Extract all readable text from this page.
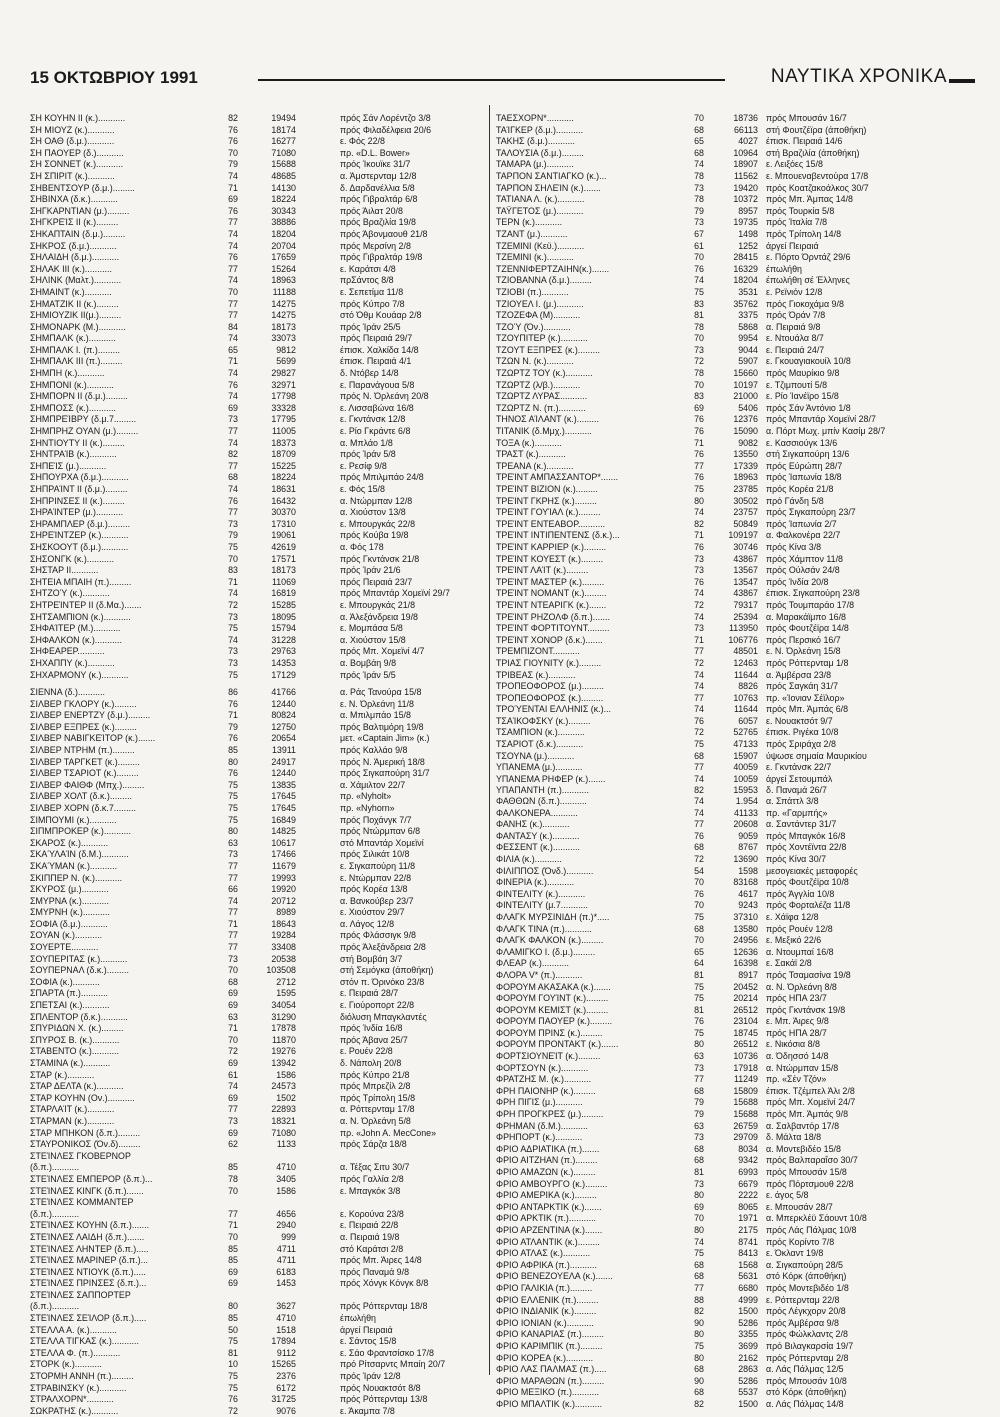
15 ΟΚΤΩΒΡΙΟΥ 1991	ΝΑΥΤΙΚΑ ΧΡΟΝΙΚΑ
ΣΗ ΚΟΥΗΝ ΙΙ (κ.)...........	82	19494	πρός Σάν Λορέντζο 3/8
ΣΗ ΜΙΟΥΖ (κ.)...........	76	18174	πρός Φιλαδέλφεια 20/6
ΣΗ ΟΑΘ (δ.μ.)...........	76	16277	ε. Φός 22/8
ΣΗ ΠΑΟΥΕΡ (δ.)...........	70	71080	πρ. «D.L. Bower»
ΣΗ ΣΟΝΝΕΤ (κ.)...........	79	15688	πρός Ίκουϊκε 31/7
ΣΗ ΣΠΙΡΙΤ (κ.)...........	74	48685	α. Άμστερνταμ 12/8
ΣΗΒΕΝΤΣΟΥΡ (δ.μ.).........	71	14130	δ. Δαρδανέλλια 5/8
ΣΗΒΙΝΧΑ (δ.κ.)...........	69	18224	πρός Γιβραλτάρ 6/8
ΣΗΓΚΑΡΝΤΙΑΝ (μ.).........	76	30343	πρός Άιλατ 20/8
ΣΗΓΚΡΕΊΣ ΙΙ (κ.).........	77	38886	πρός Βραζιλία 19/8
ΣΗΚΑΠΤΑΙΝ (δ.μ.).........	74	18204	πρός Άβονμαουθ 21/8
ΣΗΚΡΟΣ (δ.μ.)...........	74	20704	πρός Μερσίνη 2/8
ΣΗΛΑΙΔΗ (δ.μ.)...........	76	17659	πρός Γιβραλτάρ 19/8
ΣΗΛΑΚ ΙΙΙ (κ.)...........	77	15264	ε. Καράτσι 4/8
ΣΗΛΙΝΚ (Μαλτ.)...........	74	18963	πρΣάντος 8/8
ΣΗΜΑΙΝΤ (κ.)...........	70	11188	ε. Σεπετίμα 11/8
ΣΗΜΑΤΖΙΚ ΙΙ (κ.).........	77	14275	πρός Κύπρο 7/8
ΣΗΜΙΟΥΖΙΚ ΙΙ(μ.).........	77	14275	στό Όθμ Κουάαρ 2/8
ΣΗΜΟΝΑΡΚ (Μ.)...........	84	18173	πρός Ίράν 25/5
ΣΗΜΠΑΛΚ (κ.)...........	74	33073	πρός Πειραιά 29/7
ΣΗΜΠΑΛΚ Ι. (π.).........	65	9812	έπισκ. Χαλκίδα 14/8
ΣΗΜΠΑΛΚ ΙΙΙ (π.).........	71	5699	έπισκ. Πειραιά 4/1
ΣΗΜΠΗ (κ.)...........	74	29827	δ. Ντόβερ 14/8
ΣΗΜΠΟΝΙ (κ.)...........	76	32971	ε. Παρανάγουα 5/8
ΣΗΜΠΟΡΝ ΙΙ (δ.μ.).........	74	17798	πρός Ν. Όρλεάνη 20/8
ΣΗΜΠΟΣΣ (κ.)...........	69	33328	ε. Λισσαβώνα 16/8
ΣΗΜΠΡΕΊΒΡΥ (δ.μ.7.........	73	17795	ε. Γκντάνσκ 12/8
ΣΗΜΠΡΗΖ ΟΥΑΝ (μ.).........	77	11005	ε. Ρίο Γκράντε 6/8
ΣΗΝΤΙΟΥΤΥ ΙΙ (κ.).........	74	18373	α. Μπλάο 1/8
ΣΗΝΤΡΑΊΒ (κ.)...........	82	18709	πρός Ίράν 5/8
ΣΗΠΕΊΣ (μ.)...........	77	15225	ε. Ρεσίφ 9/8
ΣΗΠΟΥΡΧΑ (δ.μ.)...........	68	18224	πρός Μπιλμπάο 24/8
ΣΗΠΡΑΊΝΤ ΙΙ (δ.μ.).........	74	18631	ε. Φός 15/8
ΣΗΠΡΙΝΣΕΣ ΙΙ (κ.).........	76	16432	α. Ντώρμπαν 12/8
ΣΗΡΑΊΝΤΕΡ (μ.)...........	77	30370	α. Χιούστον 13/8
ΣΗΡΑΜΠΛΕΡ (δ.μ.).........	73	17310	ε. Μπουργκάς 22/8
ΣΗΡΕΊΝΤΖΕΡ (κ.)...........	79	19061	πρός Κούβα 19/8
ΣΗΣΚΟΟΥΤ (δ.μ.)...........	75	42619	α. Φός 178
ΣΗΣΟΝΓΚ (κ.)...........	70	17571	πρός Γκντάνσκ 21/8
ΣΗΣΤΑΡ ΙΙ...........	83	18173	πρός Ίράν 21/6
ΣΗΤΕΙΑ ΜΠΑΙΗ (π.).........	71	11069	πρός Πειραιά 23/7
ΣΗΤΖΟΎ (κ.)...........	74	16819	πρός Μπαντάρ Χομεϊνί 29/7
ΣΗΤΡΕΊΝΤΕΡ ΙΙ (δ.Μα.).......	72	15285	ε. Μπουργκάς 21/8
ΣΗΤΣΑΜΠΙΟΝ (κ.)...........	73	18095	α. Άλεξάνδρεια 19/8
ΣΗΦΑΊΤΕΡ (Μ.)...........	75	15794	ε. Μομπάσα 5/8
ΣΗΦΑΛΚΟΝ (κ.)...........	74	31228	α. Χιούστον 15/8
ΣΗΦΕΑΡΕΡ...........	73	29763	πρός Μπ. Χομεϊνί 4/7
ΣΗΧΑΠΠΥ (κ.)...........	73	14353	α. Βομβάη 9/8
ΣΗΧΑΡΜΟΝΥ (κ.)...........	75	17129	πρός Ίράν 5/5
ΣΙΕΝΝΑ (δ.)...........	86	41766	α. Ράς Τανούρα 15/8
ΣΙΛΒΕΡ ΓΚΛΟΡΥ (κ.).........	76	12440	ε. Ν. Όρλεάνη 11/8
ΣΙΛΒΕΡ ΕΝΕΡΤΖΥ (δ.μ.).........	71	80824	α. Μπιλμπάο 15/8
ΣΙΛΒΕΡ ΕΞΠΡΕΣ (κ.).........	79	12750	πρός Βαλτιμόρη 19/8
ΣΙΛΒΕΡ ΝΑΒΙΓΚΕΊΤΟΡ (κ.).......	76	20654	μετ. «Captain Jim» (κ.)
ΣΙΛΒΕΡ ΝΤΡΗΜ (π.).........	85	13911	πρός Καλλάο 9/8
ΣΙΛΒΕΡ ΤΑΡΓΚΕΤ (κ.).........	80	24917	πρός Ν. Άμερική 18/8
ΣΙΛΒΕΡ ΤΣΑΡΙΟΤ (κ.).........	76	12440	πρός Σιγκαπούρη 31/7
ΣΙΛΒΕΡ ΦΑΙΘΦ (Μπχ.).........	75	13835	α. Χάμιλτον 22/7
ΣΙΛΒΕΡ ΧΟΛΤ (δ.κ.).........	75	17645	πρ. «Nyholt»
ΣΙΛΒΕΡ ΧΟΡΝ (δ.κ.7.........	75	17645	πρ. «Nyhorn»
ΣΙΜΠΟΥΜΙ (κ.)...........	75	16849	πρός Ποχάνγκ 7/7
ΣΙΠΜΠΡΟΚΕΡ (κ.)...........	80	14825	πρός Ντώρμπαν 6/8
ΣΚΑΡΟΣ (κ.)...........	63	10617	στό Μπαντάρ Χομεϊνί
ΣΚΑΎΛΑΊΝ (δ.Μ.)...........	73	17466	πρός Σιλικάτ 10/8
ΣΚΑΎΜΑΝ (κ.)...........	77	11679	ε. Σιγκαπούρη 11/8
ΣΚΙΠΠΕΡ Ν. (κ.)...........	77	19993	ε. Ντώρμπαν 22/8
ΣΚΥΡΟΣ (μ.)...........	66	19920	πρός Κορέα 13/8
ΣΜΥΡΝΑ (κ.)...........	74	20712	α. Βανκούβερ 23/7
ΣΜΥΡΝΗ (κ.)...........	77	8989	ε. Χιούστον 29/7
ΣΟΦΙΑ (δ.μ.)...........	71	18643	α. Λάγος 12/8
ΣΟΥΑΝ (κ.)...........	77	19284	πρός Φλάσσιγκ 9/8
ΣΟΥΕΡΤΕ...........	77	33408	πρός Άλεξάνδρεια 2/8
ΣΟΥΠΕΡΙΤΑΣ (κ.)...........	73	20538	στή Βομβάη 3/7
ΣΟΥΠΕΡΝΑΛ (δ.κ.).........	70	103508	στή Σεμόγκα (άποθήκη)
ΣΟΦΙΑ (κ.)...........	68	2712	στόν π. Όρινόκο 23/8
ΣΠΑΡΤΑ (π.)...........	69	1595	ε. Πειραιά 28/7
ΣΠΕΤΣΑΙ (κ.)...........	69	34054	ε. Γιούροπορτ 22/8
ΣΠΛΕΝΤΟΡ (δ.κ.)...........	63	31290	διόλυση Μπαγκλαντές
ΣΠΥΡΙΔΩΝ Χ. (κ.).........	71	17878	πρός Ίνδία 16/8
ΣΠΥΡΟΣ Β. (κ.)...........	70	11870	πρός Άβανα 25/7
ΣΤΑΒΕΝΤΟ (κ.)...........	72	19276	ε. Ρουέν 22/8
ΣΤΑΜΙΝΑ (κ.)...........	69	13942	δ. Νάπολη 20/8
ΣΤΑΡ (κ.)...........	61	1586	πρός Κύπρο 21/8
ΣΤΑΡ ΔΕΛΤΑ (κ.)...........	74	24573	πρός Μπρεζίλ 2/8
ΣΤΑΡ ΚΟΥΗΝ (Ον.)...........	69	1502	πρός Τρίπολη 15/8
ΣΤΑΡΛΑΊΤ (κ.)...........	77	22893	α. Ρόττερνταμ 17/8
ΣΤΑΡΜΑΝ (κ.)...........	73	18321	α. Ν. Όρλεάνη 5/8
ΣΤΑΡ ΜΠΗΚΟΝ (δ.π.).........	69	71080	πρ. «John A. MecCone»
ΣΤΑΥΡΟΝΙΚΟΣ (Όν.δ).........	62	1133	πρός Σάρζα 18/8
ΣΤΕΊΝΛΕΣ ΓΚΟΒΕΡΝΟΡ
(δ.π.)...........	85	4710	α. Τέξας Σιτυ 30/7
ΣΤΕΊΝΛΕΣ ΕΜΠΕΡΟΡ (δ.π.)...	78	3405	πρός Γαλλία 2/8
ΣΤΕΊΝΛΕΣ ΚΙΝΓΚ (δ.π.).......	70	1586	ε. Μπαγκόκ 3/8
ΣΤΕΊΝΛΕΣ ΚΟΜΜΑΝΤΕΡ
(δ.π.)...........	77	4656	ε. Κορούνα 23/8
ΣΤΕΊΝΛΕΣ ΚΟΥΗΝ (δ.π.).......	71	2940	ε. Πειραιά 22/8
ΣΤΕΊΝΛΕΣ ΛΑΙΔΗ (δ.π.).......	70	999	α. Πειραιά 19/8
ΣΤΕΊΝΛΕΣ ΛΗΝΤΕΡ (δ.π.).....	85	4711	στό Καράτσι 2/8
ΣΤΕΊΝΛΕΣ ΜΑΡΙΝΕΡ (δ.π.)...	85	4711	πρός Μπ. Άιρες 14/8
ΣΤΕΊΝΛΕΣ ΝΤΙΟΥΚ (δ.π.).....	69	6183	πρός Παναμά 9/8
ΣΤΕΊΝΛΕΣ ΠΡΙΝΣΕΣ (δ.π.)...	69	1453	πρός Χόνγκ Κόνγκ 8/8
ΣΤΕΊΝΛΕΣ ΣΑΠΠΟΡΤΕΡ
(δ.π.)...........	80	3627	πρός Ρόττερνταμ 18/8
ΣΤΕΊΝΛΕΣ ΣΕΊΛΟΡ (δ.π.).....	85	4710	έπωλήθη
ΣΤΕΛΛΑ Α. (κ.)...........	50	1518	άργεί Πειραιά
ΣΤΕΛΛΑ ΤΙΓΚΑΣ (κ.)...........	75	17894	ε. Σάντος 15/8
ΣΤΕΛΛΑ Φ. (π.)...........	81	9112	ε. Σάο Φραντσίσκο 17/8
ΣΤΟΡΚ (κ.)...........	10	15265	πρό Ρίτσαρντς Μπαίη 20/7
ΣΤΟΡΜΗ ΑΝΝΗ (π.).........	75	2376	πρός Ίράν 12/8
ΣΤΡΑΒΙΝΣΚΥ (κ.)...........	75	6172	πρός Νουακτσότ 8/8
ΣΤΡΑΛΧΟΡΝ*...........	76	31725	πρός Ρόττερνταμ 13/8
ΣΩΚΡΑΤΗΣ (κ.)...........	72	9076	ε. Άκαμπα 7/8
ΤΑΕΣΧΟΡΝ*...........	70	18736 πρός Μπουσάν 16/7
ΤΑΊΓΚΕΡ (δ.μ.)...........	68	66113 στή Φουτζέϊρα (άποθήκη)
ΤΑΚΗΣ (δ.μ.)...........	65	4027 έπισκ. Πειραιά 14/6
ΤΑΛΟΥΣΙΑ (δ.μ.).........	68	10964 στή Βραζιλία (άποθήκη)
ΤΑΜΑΡΑ (μ.)...........	74	18907 ε. Λειξόες 15/8
ΤΑΡΠΟΝ ΣΑΝΤΙΑΓΚΟ (κ.)...	78	11562 ε. Μπουεναβεντούρα 17/8
ΤΑΡΠΟΝ ΣΗΛΕΊΝ (κ.).......	73	19420 πρός Κοατζακοάλκος 30/7
ΤΑΤΙΑΝΑ Λ. (κ.)...........	78	10372 πρός Μπ. Άμπας 14/8
ΤΑΫΓΕΤΟΣ (μ.)...........	79	8957 πρός Τουρκία 5/8
ΤΕΡΝ (κ.)...........	73	19735 πρός Ίταλία 7/8
ΤΖΑΝΤ (μ.)...........	67	1498 πρός Τρίπολη 14/8
ΤΖΕΜΙΝΙ (Κεϋ.)...........	61	1252 άργεί Πειραιά
ΤΖΕΜΙΝΙ (κ.)...........	70	28415 ε. Πόρτο Όρντάζ 29/6
ΤΖΕΝΝΙΦΕΡΤΖΑΙΗΝ(κ.).......	76	16329 έπωλήθη
ΤΖΙΟΒΑΝΝΑ (δ.μ.).........	74	18204 έπωλήθη σέ Έλληνες
ΤΖΙΟΒΙ (π.)...........	75	3531 ε. Ρεϊνιόν 12/8
ΤΖΙΟΥΕΛ Ι. (μ.)...........	83	35762 πρός Γιοκοχάμα 9/8
ΤΖΟΖΕΦΑ (Μ)...........	81	3375 πρός Όράν 7/8
ΤΖΟΎ (Όν.)...........	78	5868 α. Πειραιά 9/8
ΤΖΟΥΠΙΤΕΡ (κ.)...........	70	9954 ε. Ντουάλα 8/7
ΤΖΟΥΤ ΕΞΠΡΕΣ (κ.).........	73	9044 ε. Πειραιά 24/7
ΤΖΩΝ Ν. (κ.)...........	72	5907 ε. Γκουαγιακουίλ 10/8
ΤΖΩΡΤΖ ΤΟΥ (κ.)...........	78	15660 πρός Μαυρίκιο 9/8
ΤΖΩΡΤΖ (λ/β.)...........	70	10197 ε. Τζιμπουτί 5/8
ΤΖΩΡΤΖ ΛΥΡΑΣ...........	83	21000 ε. Ρίο Ίανέϊρο 15/8
ΤΖΩΡΤΖ Ν. (π.)...........	69	5406 πρός Σάν Άντόνιο 1/8
ΤΗΝΟΣ ΑΊΛΑΝΤ (κ.).........	76	12376 πρός Μπαντάρ Χομεϊνί 28/7
ΤΙΤΑΝΙΚ (δ.Μμχ.)...........	76	15090 α. Πόρτ Μωχ. μπίν Κασίμ 28/7
ΤΟΞΑ (κ.)...........	71	9082 ε. Κασσιούγκ 13/6
ΤΡΑΣΤ (κ.)...........	76	13550 στή Σιγκαπούρη 13/6
ΤΡΕΑΝΑ (κ.)...........	77	17339 πρός Εύρώπη 28/7
ΤΡΕΊΝΤ ΑΜΠΑΣΣΑΝΤΟΡ*.......	76	18963 πρός Ίαπωνία 18/8
ΤΡΕΊΝΤ ΒΙΖΙΟΝ (κ.).........	75	23785 πρός Κορέα 21/8
ΤΡΕΊΝΤ ΓΚΡΗΣ (κ.).........	80	30502 πρό Γάνδη 5/8
ΤΡΕΊΝΤ ΓΟΥΊΑΛ (κ.).........	74	23757 πρός Σιγκαπούρη 23/7
ΤΡΕΊΝΤ ΕΝΤΕΑΒΟΡ...........	82	50849 πρός Ίαπωνία 2/7
ΤΡΕΊΝΤ ΙΝΤΙΠΕΝΤΕΝΣ (δ.κ.)...	71	109197 α. Φαλκονέρα 22/7
ΤΡΕΊΝΤ ΚΑΡΡΙΕΡ (κ.).........	76	30746 πρός Κίνα 3/8
ΤΡΕΊΝΤ ΚΟΥΕΣΤ (κ.).........	73	43867 πρός Χάμπτον 11/8
ΤΡΕΊΝΤ ΛΑΊΤ (κ.).........	73	13567 πρός Ούλσάν 24/8
ΤΡΕΊΝΤ ΜΑΣΤΕΡ (κ.).........	76	13547 πρός Ίνδία 20/8
ΤΡΕΊΝΤ ΝΟΜΑΝΤ (κ.).........	74	43867 έπισκ. Σιγκαπούρη 23/8
ΤΡΕΊΝΤ ΝΤΕΑΡΙΓΚ (κ.).......	72	79317 πρός Τουμπαράο 17/8
ΤΡΕΊΝΤ ΡΗΖΟΛΦ (δ.π.).......	74	25394 α. Μαρακάϊμπο 16/8
ΤΡΕΊΝΤ ΦΟΡΤΙΤΟΥΝΤ.........	73	113950 πρός Φουτζέϊρα 14/8
ΤΡΕΊΝΤ ΧΟΝΟΡ (δ.κ.).......	71	106776 πρός Περσικό 16/7
ΤΡΕΜΠΙΖΟΝΤ...........	77	48501 ε. Ν. Όρλεάνη 15/8
ΤΡΙΑΣ ΓΙΟΥΝΙΤΥ (κ.).........	72	12463 πρός Ρόττερνταμ 1/8
ΤΡΙΒΕΑΣ (κ.)...........	74	11644 α. Άμβέρσα 23/8
ΤΡΟΠΕΟΦΟΡΟΣ (μ.).........	74	8826 πρός Σαγκάη 31/7
ΤΡΟΠΕΟΦΟΡΟΣ (κ.).........	77	10763 πρ. «Ίονιαν Σέϊλορ»
ΤΡΟΎΕΝΤΑΙ ΕΛΛΗΝΙΣ (κ.)...	74	11644 πρός Μπ. Άμπάς 6/8
ΤΣΑΊΚΟΦΣΚΥ (κ.).........	76	6057 ε. Νουακτσότ 9/7
ΤΣΑΜΠΙΟΝ (κ.)...........	72	52765 έπισκ. Ριγέκα 10/8
ΤΣΑΡΙΟΤ (δ.κ.)...........	75	47133 πρός Σριράχα 2/8
ΤΣΟΥΝΑ (μ.)...........	68	15907 ύψωσε σημαία Μαυρικίου
ΥΠΑΝΕΜΑ (μ.)...........	77	40059 ε. Γκντάνσκ 22/7
ΥΠΑΝΕΜΑ ΡΗΦΕΡ (κ.).......	74	10059 άργεί Σετουμπάλ
ΥΠΑΠΑΝΤΗ (π.)...........	82	15953 δ. Παναμά 26/7
ΦΑΘΘΩΝ (δ.π.)...........	74	1.954 α. Σπάττλ 3/8
ΦΑΛΚΟΝΕΡΑ...........	74	41133 πρ. «Γαρμπής»
ΦΑΝΗΣ (κ.)...........	77	20608 α. Σαντάντερ 31/7
ΦΑΝΤΑΣΥ (κ.)...........	76	9059 πρός Μπαγκόκ 16/8
ΦΕΣΣΕΝΤ (κ.)...........	68	8767 πρός Χοντέϊντα 22/8
ΦΙΛΙΑ (κ.)...........	72	13690 πρός Κίνα 30/7
ΦΙΛΙΠΠΟΣ (Όνδ.)...........	54	1598 μεσογειακές μεταφορές
ΦΙΝΕΡΙΑ (κ.)...........	70	83168 πρός Φουτζέϊρα 10/8
ΦΙΝΤΕΛΙΤΥ (κ.)...........	76	4617 πρός Άγγλία 10/8
ΦΙΝΤΕΛΙΤΥ (μ.7...........	70	9243 πρός Φορταλέζα 11/8
ΦΛΑΓΚ ΜΥΡΣΙΝΙΔΗ (π.)*.....	75	37310 ε. Χάϊφα 12/8
ΦΛΑΓΚ ΤΙΝΑ (π.)...........	68	13580 πρός Ρουέν 12/8
ΦΛΑΓΚ ΦΑΛΚΟΝ (κ.).........	70	24956 ε. Μεξικό 22/6
ΦΛΑΜΙΓΚΟ Ι. (δ.μ.).........	65	12636 α. Ντουμπαί 16/8
ΦΛΕΑΡ (κ.)...........	64	16398 ε. Σακάϊ 2/8
ΦΛΟΡΑ V* (π.)...........	81	8917 πρός Τσαμασίνα 19/8
ΦΟΡΟΥΜ ΑΚΑΣΑΚΑ (κ.).......	75	20452 α. Ν. Όρλεάνη 8/8
ΦΟΡΟΥΜ ΓΟΥΊΝΤ (κ.).........	75	20214 πρός ΗΠΑ 23/7
ΦΟΡΟΥΜ ΚΕΜΙΣΤ (κ.).........	81	26512 πρός Γκντάνσκ 19/8
ΦΟΡΟΥΜ ΠΑΟΥΕΡ (κ.).........	76	23104 ε. Μπ. Άιρες 9/8
ΦΟΡΟΥΜ ΠΡΙΝΣ (κ.).........	75	18745 πρός ΗΠΑ 28/7
ΦΟΡΟΥΜ ΠΡΟΝΤΑΚΤ (κ.).......	80	26512 ε. Νικόσια 8/8
ΦΟΡΤΣΙΟΥΝΕΊΤ (κ.).........	63	10736 α. Όδησσό 14/8
ΦΟΡΤΣΟΥΝ (κ.)...........	73	17918 α. Ντώρμπαν 15/8
ΦΡΑΤΖΗΣ Μ. (κ.)...........	77	11249 πρ. «Σέν Τζόν»
ΦΡΗ ΠΑΙΟΝΗΡ (κ.).........	68	15809 έπισκ. Τζέμπελ Άλι 2/8
ΦΡΗ ΠΙΓΙΣ (μ.)...........	79	15688 πρός Μπ. Χομεϊνί 24/7
ΦΡΗ ΠΡΟΓΚΡΕΣ (μ.).........	79	15688 πρός Μπ. Άμπάς 9/8
ΦΡΗΜΑΝ (δ.Μ.)...........	63	26759 α. Σαλβαντόρ 17/8
ΦΡΗΠΟΡΤ (κ.)...........	73	29709 δ. Μάλτα 18/8
ΦΡΙΟ ΑΔΡΙΑΤΙΚΑ (π.).......	68	8034 α. Μοντεβιδέο 15/8
ΦΡΙΟ ΑΙΤΖΗΑΝ (π.).........	68	9342 πρός Βαλπαραΐσο 30/7
ΦΡΙΟ ΑΜΑΖΩΝ (κ.).........	81	6993 πρός Μπουσάν 15/8
ΦΡΙΟ ΑΜΒΟΥΡΓΟ (κ.).........	73	6679 πρός Πόρτσμουθ 22/8
ΦΡΙΟ ΑΜΕΡΙΚΑ (κ.).........	80	2222 ε. άγος 5/8
ΦΡΙΟ ΑΝΤΑΡΚΤΙΚ (κ.).......	69	8065 ε. Μπουσάν 28/7
ΦΡΙΟ ΑΡΚΤΙΚ (π.)...........	70	1971 α. Μπερκλέϋ Σάουντ 10/8
ΦΡΙΟ ΑΡΖΕΝΤΙΝΑ (κ.).......	80	2175 πρός Λάς Πάλμας 10/8
ΦΡΙΟ ΑΤΛΑΝΤΙΚ (κ.).........	74	8741 πρός Κορίντο 7/8
ΦΡΙΟ ΑΤΛΑΣ (κ.)...........	75	8413 ε. Όκλαντ 19/8
ΦΡΙΟ ΑΦΡΙΚΑ (π.)...........	68	1568 α. Σιγκαπούρη 28/5
ΦΡΙΟ ΒΕΝΕΖΟΥΕΛΑ (κ.).......	68	5631 στό Κόρκ (άποθήκη)
ΦΡΙΟ ΓΑΛΙΚΙΑ (π.).........	77	6680 πρός Μοντεβιδέο 1/8
ΦΡΙΟ ΕΛΛΕΝΙΚ (π.).........	88	4999 ε. Ρόττερνταμ 22/8
ΦΡΙΟ ΙΝΔΙΑΝΙΚ (κ.).........	82	1500 πρός Λέγκχορν 20/8
ΦΡΙΟ ΙΟΝΙΑΝ (κ.)...........	90	5286 πρός Άμβέρσα 9/8
ΦΡΙΟ ΚΑΝΑΡΙΑΣ (π.).........	80	3355 πρός Φώλκλαντς 2/8
ΦΡΙΟ ΚΑΡΙΜΠΙΚ (π.).........	75	3699 πρό Βιλαγκαρσία 19/7
ΦΡΙΟ ΚΟΡΕΑ (κ.)...........	80	2162 πρός Ρόττερνταμ 2/8
ΦΡΙΟ ΛΑΣ ΠΑΛΜΑΣ (π.).....	68	2863 α. Λάς Πάλμας 12/5
ΦΡΙΟ ΜΑΡΑΘΩΝ (π.).........	90	5286 πρός Μπουσάν 10/8
ΦΡΙΟ ΜΕΞΙΚΟ (π.)...........	68	5537 στό Κόρκ (άποθήκη)
ΦΡΙΟ ΜΠΑΛΤΙΚ (κ.)...........	82	1500 α. Λάς Πάλμας 14/8
